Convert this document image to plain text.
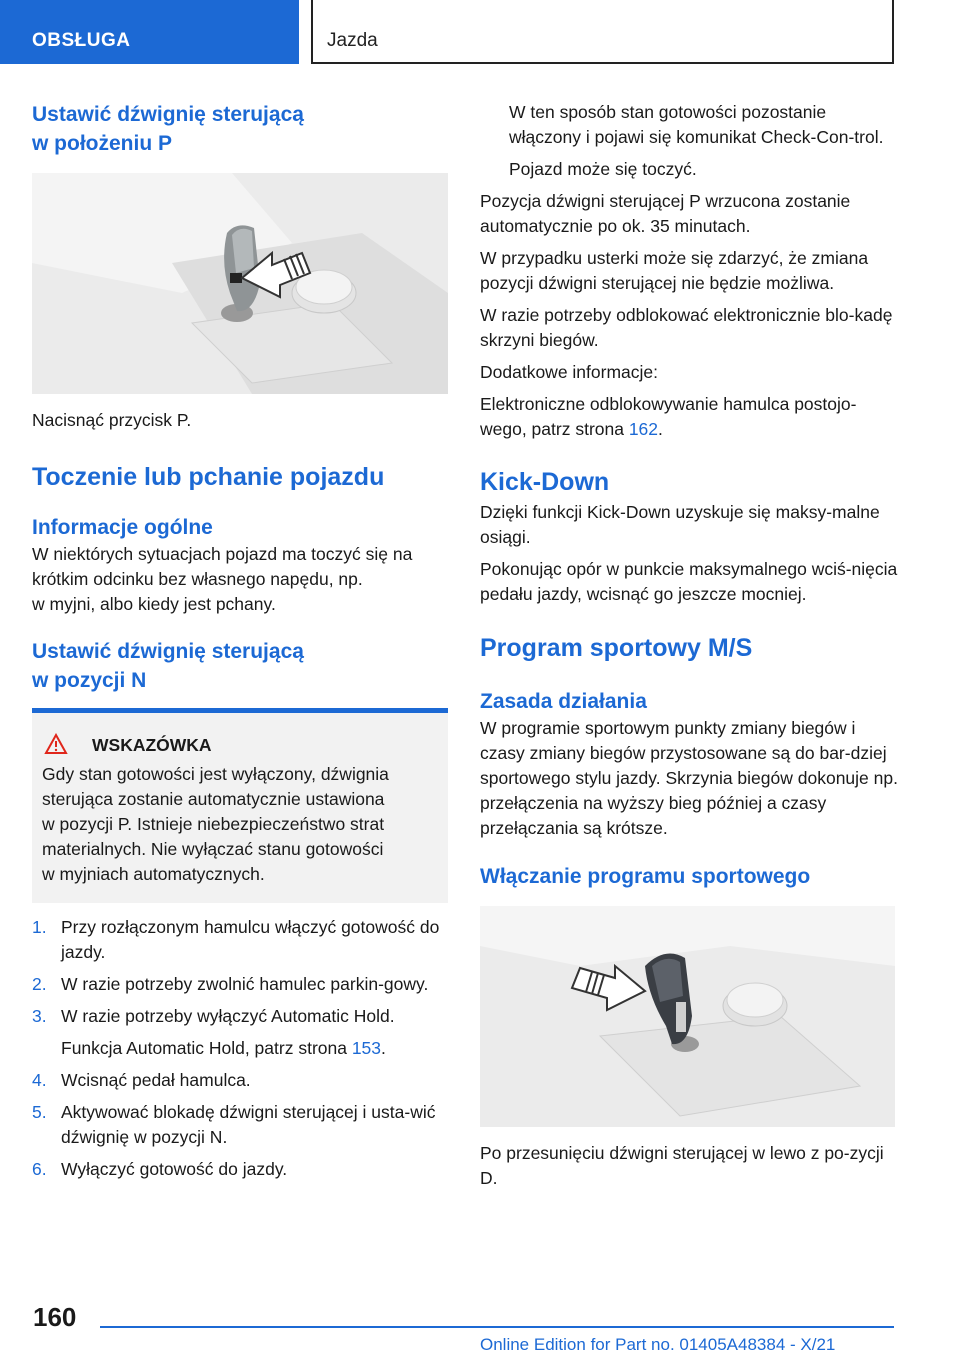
OBSŁUGA	Jazda
Ustawić dźwignię sterującą
w położeniu P

Nacisnąć przycisk P.

Toczenie lub pchanie pojazdu
Informacje ogólne

W niektórych sytuacjach pojazd ma toczyć się na krótkim odcinku bez własnego napędu, np.
w myjni, albo kiedy jest pchany.

Ustawić dźwignię sterującą
w pozycji N
WSKAZÓWKA

Gdy stan gotowości jest wyłączony, dźwignia sterująca zostanie automatycznie ustawiona
w pozycji P. Istnieje niebezpieczeństwo strat materialnych. Nie wyłączać stanu gotowości
w myjniach automatycznych.

1. Przy rozłączonym hamulcu włączyć gotowość do jazdy.
2. W razie potrzeby zwolnić hamulec parkin‐gowy.
3. W razie potrzeby wyłączyć Automatic Hold.
Funkcja Automatic Hold, patrz strona 153.
4. Wcisnąć pedał hamulca.
5. Aktywować blokadę dźwigni sterującej i usta‐wić dźwignię w pozycji N.
6. Wyłączyć gotowość do jazdy.

W ten sposób stan gotowości pozostanie włączony i pojawi się komunikat Check-Con‐trol.

Pojazd może się toczyć.

Pozycja dźwigni sterującej P wrzucona zostanie automatycznie po ok. 35 minutach.

W przypadku usterki może się zdarzyć, że zmiana pozycji dźwigni sterującej nie będzie możliwa.

W razie potrzeby odblokować elektronicznie blo‐kadę skrzyni biegów.

Dodatkowe informacje:

Elektroniczne odblokowywanie hamulca postojo‐wego, patrz strona 162.

Kick-Down

Dzięki funkcji Kick-Down uzyskuje się maksy‐malne osiągi.

Pokonując opór w punkcie maksymalnego wciś‐nięcia pedału jazdy, wcisnąć go jeszcze mocniej.

Program sportowy M/S
Zasada działania

W programie sportowym punkty zmiany biegów i czasy zmiany biegów przystosowane są do bar‐dziej sportowego stylu jazdy. Skrzynia biegów dokonuje np. przełączenia na wyższy bieg później a czasy przełączania są krótsze.

Włączanie programu sportowego

Po przesunięciu dźwigni sterującej w lewo z po‐zycji D.

160
Online Edition for Part no. 01405A48384 - X/21
